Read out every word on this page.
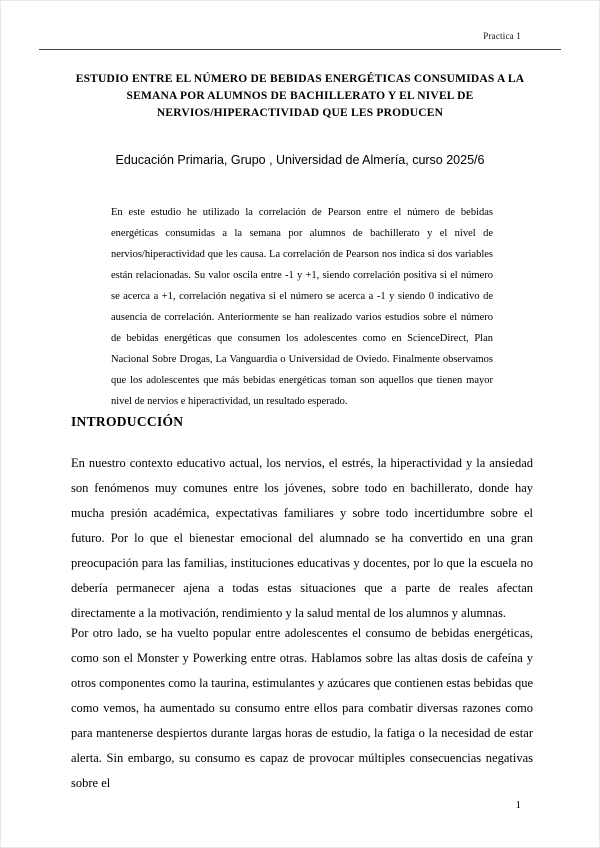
Practica 1
ESTUDIO ENTRE EL NÚMERO DE BEBIDAS ENERGÉTICAS CONSUMIDAS A LA SEMANA POR ALUMNOS DE BACHILLERATO Y EL NIVEL DE NERVIOS/HIPERACTIVIDAD QUE LES PRODUCEN

Educación Primaria, Grupo , Universidad de Almería, curso 2025/6

En este estudio he utilizado la correlación de Pearson entre el número de bebidas energéticas consumidas a la semana por alumnos de bachillerato y el nivel de nervios/hiperactividad que les causa. La correlación de Pearson nos indica si dos variables están relacionadas. Su valor oscila entre -1 y +1, siendo correlación positiva si el número se acerca a +1, correlación negativa si el número se acerca a -1 y siendo 0 indicativo de ausencia de correlación. Anteriormente se han realizado varios estudios sobre el número de bebidas energéticas que consumen los adolescentes como en ScienceDirect, Plan Nacional Sobre Drogas, La Vanguardia o Universidad de Oviedo. Finalmente observamos que los adolescentes que más bebidas energéticas toman son aquellos que tienen mayor nivel de nervios e hiperactividad, un resultado esperado.

INTRODUCCIÓN

En nuestro contexto educativo actual, los nervios, el estrés, la hiperactividad y la ansiedad son fenómenos muy comunes entre los jóvenes, sobre todo en bachillerato, donde hay mucha presión académica, expectativas familiares y sobre todo incertidumbre sobre el futuro. Por lo que el bienestar emocional del alumnado se ha convertido en una gran preocupación para las familias, instituciones educativas y docentes, por lo que la escuela no debería permanecer ajena a todas estas situaciones que a parte de reales afectan directamente a la motivación, rendimiento y la salud mental de los alumnos y alumnas.

Por otro lado, se ha vuelto popular entre adolescentes el consumo de bebidas energéticas, como son el Monster y Powerking entre otras. Hablamos sobre las altas dosis de cafeína y otros componentes como la taurina, estimulantes y azúcares que contienen estas bebidas que como vemos, ha aumentado su consumo entre ellos para combatir diversas razones como para mantenerse despiertos durante largas horas de estudio, la fatiga o la necesidad de estar alerta. Sin embargo, su consumo es capaz de provocar múltiples consecuencias negativas sobre el

1
